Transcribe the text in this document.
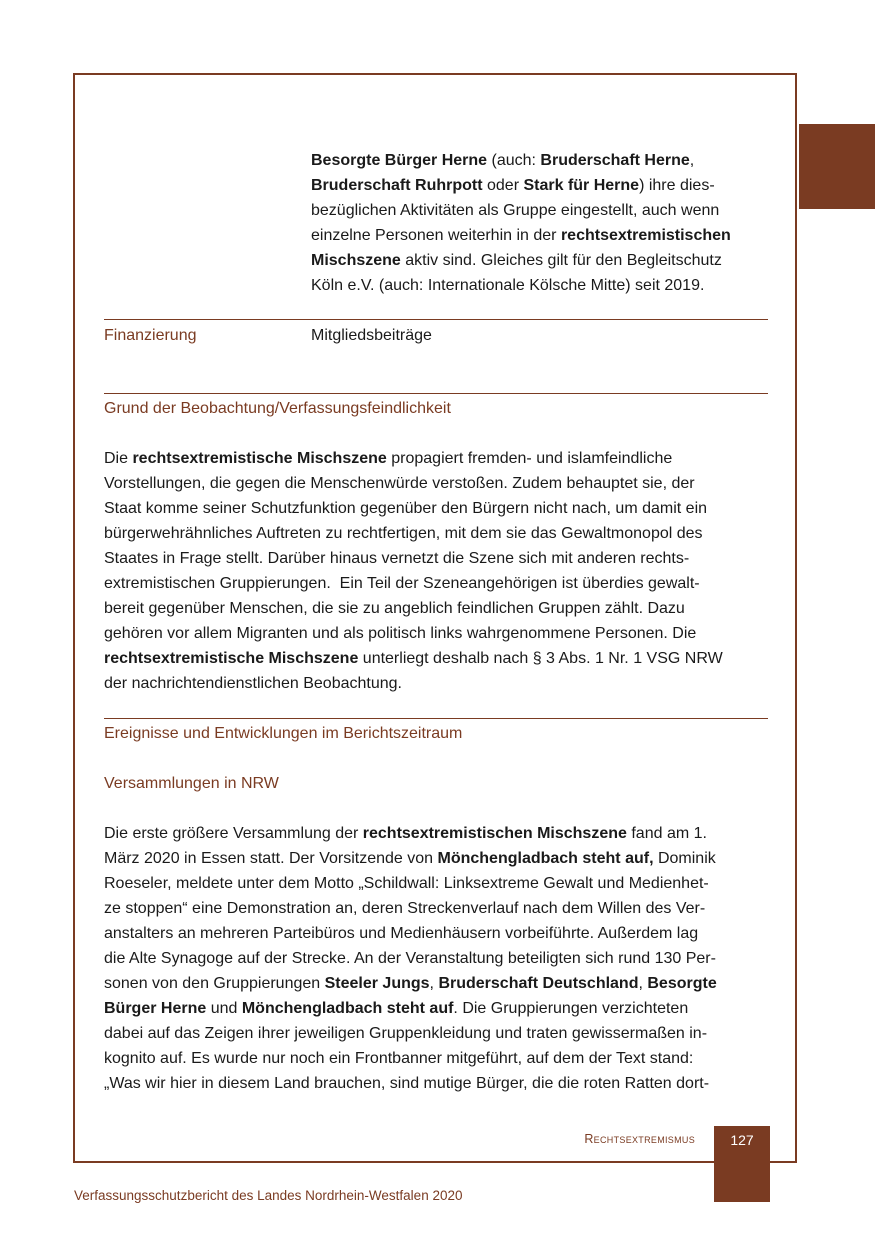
Besorgte Bürger Herne (auch: Bruderschaft Herne,
Bruderschaft Ruhrpott oder Stark für Herne) ihre dies-
bezüglichen Aktivitäten als Gruppe eingestellt, auch wenn
einzelne Personen weiterhin in der rechtsextremistischen
Mischszene aktiv sind. Gleiches gilt für den Begleitschutz
Köln e.V. (auch: Internationale Kölsche Mitte) seit 2019.
Finanzierung	Mitgliedsbeiträge
Grund der Beobachtung/Verfassungsfeindlichkeit
Die rechtsextremistische Mischszene propagiert fremden- und islamfeindliche
Vorstellungen, die gegen die Menschenwürde verstoßen. Zudem behauptet sie, der
Staat komme seiner Schutzfunktion gegenüber den Bürgern nicht nach, um damit ein
bürgerwehrähnliches Auftreten zu rechtfertigen, mit dem sie das Gewaltmonopol des
Staates in Frage stellt. Darüber hinaus vernetzt die Szene sich mit anderen rechts-
extremistischen Gruppierungen.  Ein Teil der Szeneangehörigen ist überdies gewalt-
bereit gegenüber Menschen, die sie zu angeblich feindlichen Gruppen zählt. Dazu
gehören vor allem Migranten und als politisch links wahrgenommene Personen. Die
rechtsextremistische Mischszene unterliegt deshalb nach § 3 Abs. 1 Nr. 1 VSG NRW
der nachrichtendienstlichen Beobachtung.
Ereignisse und Entwicklungen im Berichtszeitraum
Versammlungen in NRW
Die erste größere Versammlung der rechtsextremistischen Mischszene fand am 1.
März 2020 in Essen statt. Der Vorsitzende von Mönchengladbach steht auf, Dominik
Roeseler, meldete unter dem Motto „Schildwall: Linksextreme Gewalt und Medienhet-
ze stoppen“ eine Demonstration an, deren Streckenverlauf nach dem Willen des Ver-
anstalters an mehreren Parteibüros und Medienhäusern vorbeiführte. Außerdem lag
die Alte Synagoge auf der Strecke. An der Veranstaltung beteiligten sich rund 130 Per-
sonen von den Gruppierungen Steeler Jungs, Bruderschaft Deutschland, Besorgte
Bürger Herne und Mönchengladbach steht auf. Die Gruppierungen verzichteten
dabei auf das Zeigen ihrer jeweiligen Gruppenkleidung und traten gewissermaßen in-
kognito auf. Es wurde nur noch ein Frontbanner mitgeführt, auf dem der Text stand:
„Was wir hier in diesem Land brauchen, sind mutige Bürger, die die roten Ratten dort-
Rechtsextremismus	127
Verfassungsschutzbericht des Landes Nordrhein-Westfalen 2020
